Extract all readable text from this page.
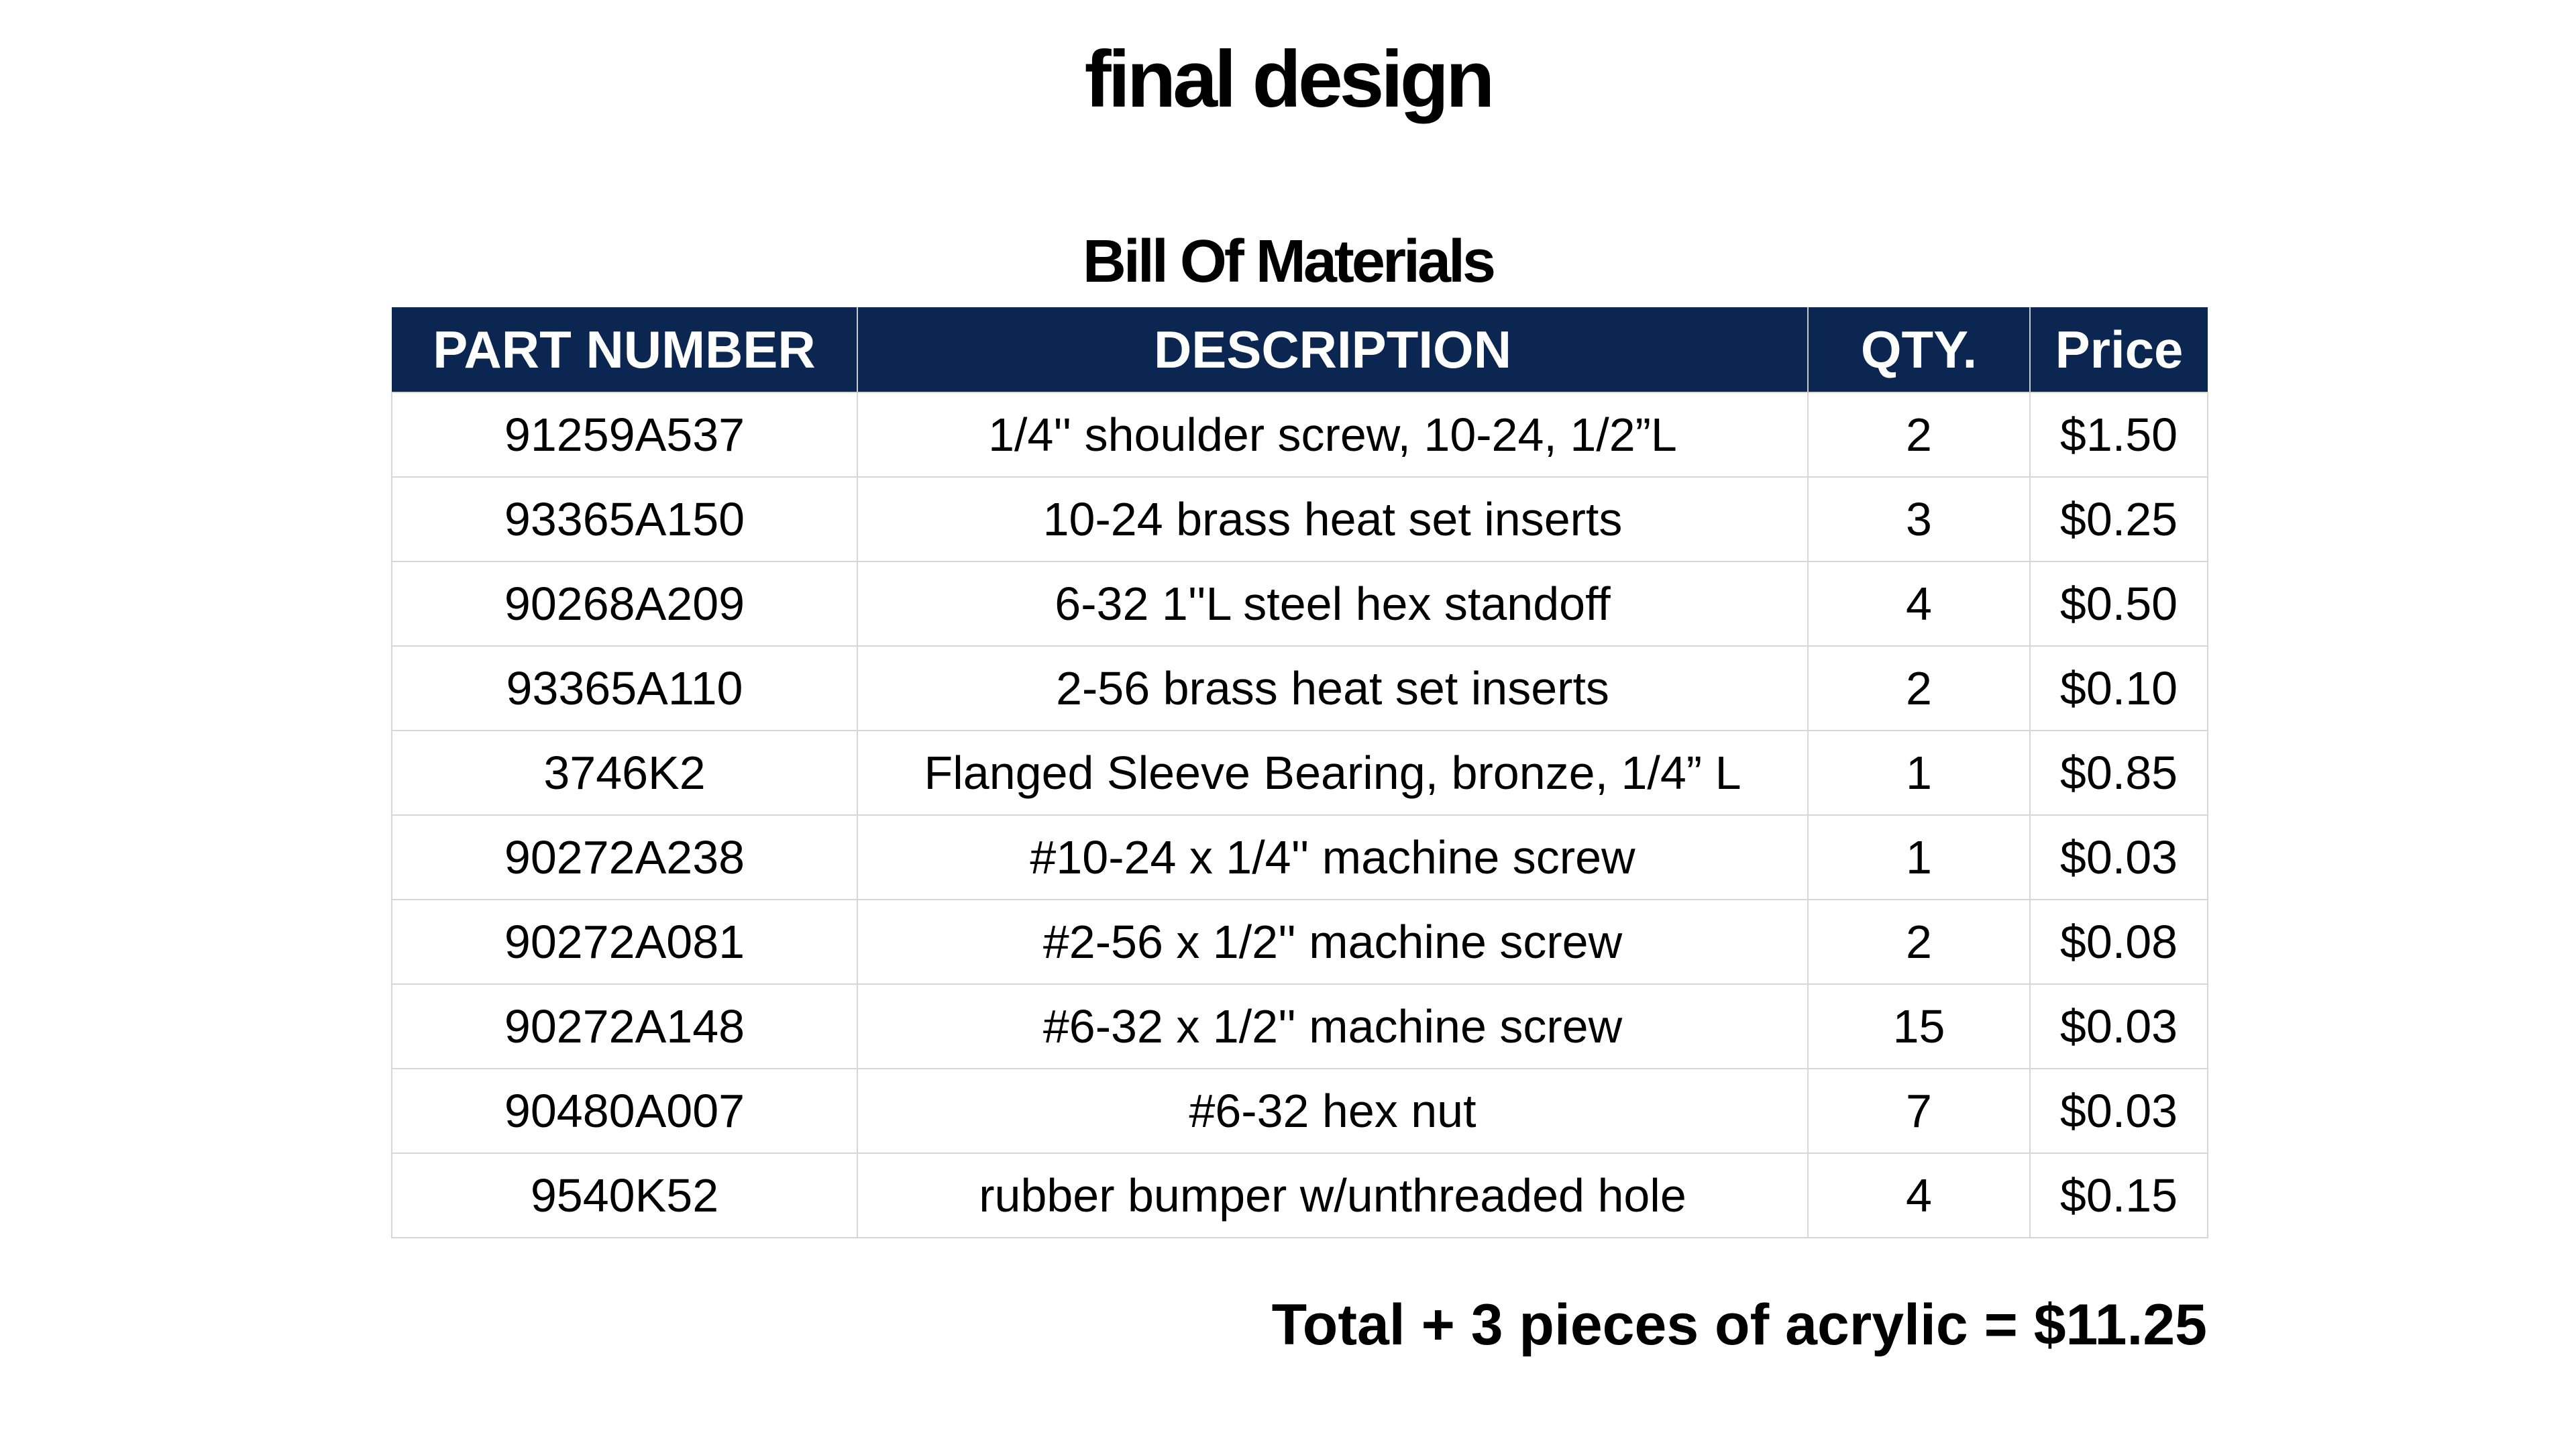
final design
Bill Of Materials
PART NUMBER	DESCRIPTION	QTY.	Price
91259A537	1/4'' shoulder screw, 10-24, 1/2”L	2	$1.50
93365A150	10-24 brass heat set inserts	3	$0.25
90268A209	6-32 1''L steel hex standoff	4	$0.50
93365A110	2-56 brass heat set inserts	2	$0.10
3746K2	Flanged Sleeve Bearing, bronze, 1/4” L	1	$0.85
90272A238	#10-24 x 1/4'' machine screw	1	$0.03
90272A081	#2-56 x 1/2'' machine screw	2	$0.08
90272A148	#6-32 x 1/2'' machine screw	15	$0.03
90480A007	#6-32 hex nut	7	$0.03
9540K52	rubber bumper w/unthreaded hole	4	$0.15
Total + 3 pieces of acrylic = $11.25
